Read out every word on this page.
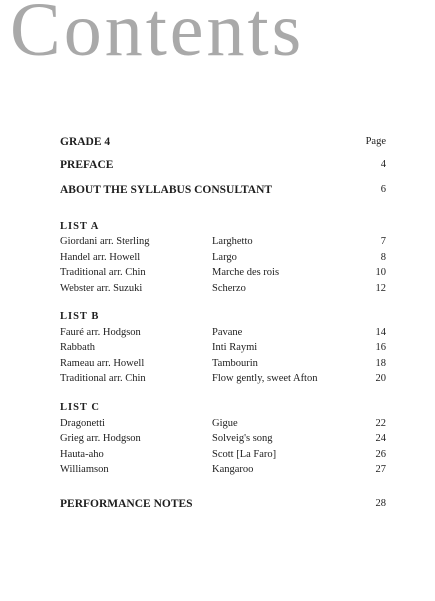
Contents
GRADE 4	Page
PREFACE	4
ABOUT THE SYLLABUS CONSULTANT	6
LIST A
Giordani arr. Sterling	Larghetto	7
Handel arr. Howell	Largo	8
Traditional arr. Chin	Marche des rois	10
Webster arr. Suzuki	Scherzo	12
LIST B
Fauré arr. Hodgson	Pavane	14
Rabbath	Inti Raymi	16
Rameau arr. Howell	Tambourin	18
Traditional arr. Chin	Flow gently, sweet Afton	20
LIST C
Dragonetti	Gigue	22
Grieg arr. Hodgson	Solveig's song	24
Hauta-aho	Scott [La Faro]	26
Williamson	Kangaroo	27
PERFORMANCE NOTES	28
